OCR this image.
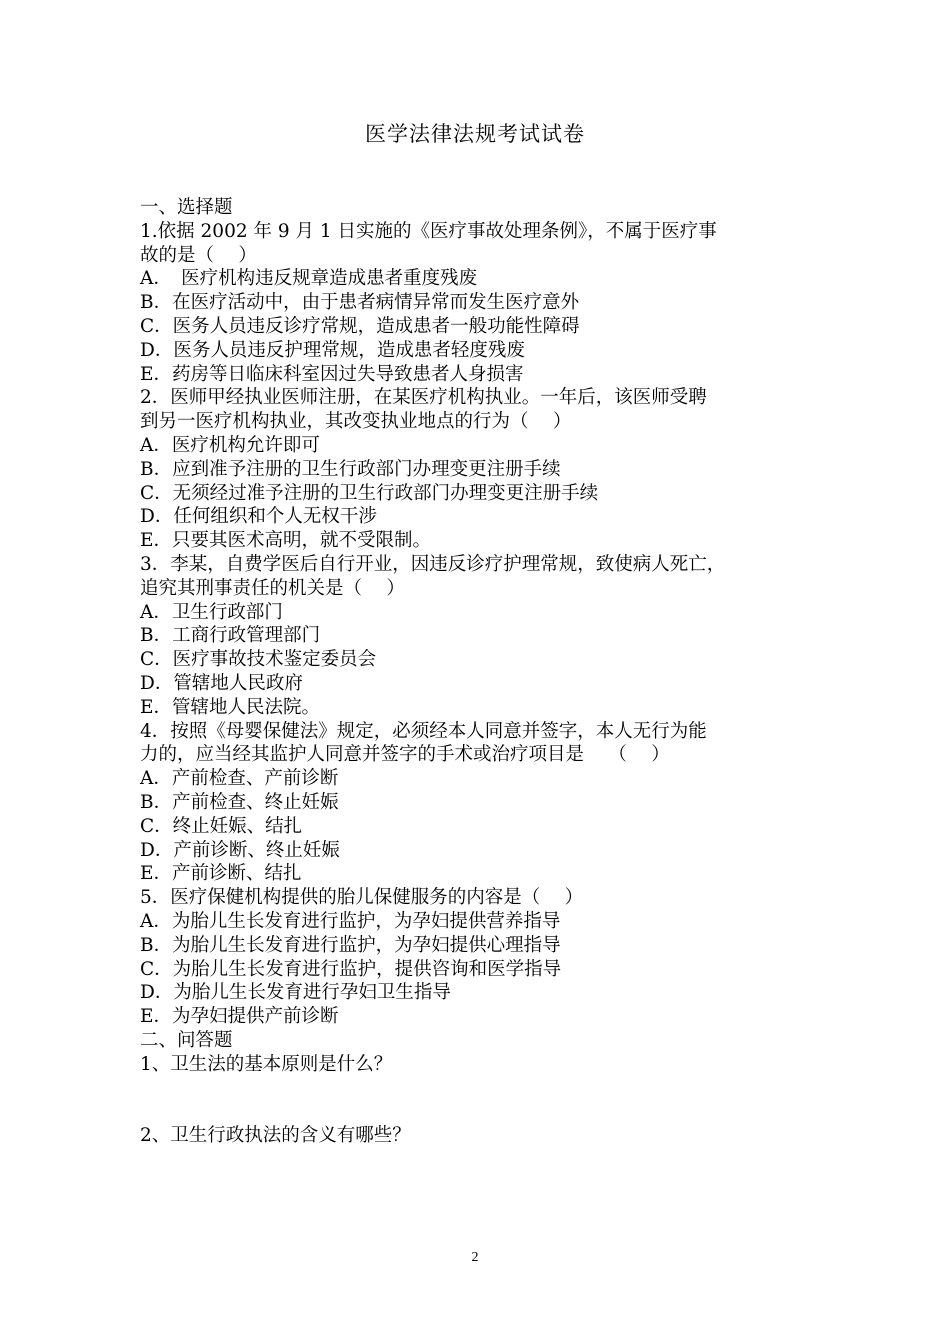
医学法律法规考试试卷
一、选择题
1.依据 2002 年 9 月 1 日实施的《医疗事故处理条例》，不属于医疗事
故的是（　 ）
A．　医疗机构违反规章造成患者重度残废
B．在医疗活动中，由于患者病情异常而发生医疗意外
C．医务人员违反诊疗常规，造成患者一般功能性障碍
D．医务人员违反护理常规，造成患者轻度残废
E．药房等日临床科室因过失导致患者人身损害
2．医师甲经执业医师注册，在某医疗机构执业。一年后，该医师受聘
到另一医疗机构执业，其改变执业地点的行为（　 ）
A．医疗机构允许即可
B．应到准予注册的卫生行政部门办理变更注册手续
C．无须经过准予注册的卫生行政部门办理变更注册手续
D．任何组织和个人无权干涉
E．只要其医术高明，就不受限制。
3．李某，自费学医后自行开业，因违反诊疗护理常规，致使病人死亡，
追究其刑事责任的机关是（　 ）
A．卫生行政部门
B．工商行政管理部门
C．医疗事故技术鉴定委员会
D．管辖地人民政府
E．管辖地人民法院。
4．按照《母婴保健法》规定，必须经本人同意并签字，本人无行为能
力的，应当经其监护人同意并签字的手术或治疗项目是　 （　 ）
A．产前检查、产前诊断
B．产前检查、终止妊娠
C．终止妊娠、结扎
D．产前诊断、终止妊娠
E．产前诊断、结扎
5．医疗保健机构提供的胎儿保健服务的内容是（　 ）
A．为胎儿生长发育进行监护，为孕妇提供营养指导
B．为胎儿生长发育进行监护，为孕妇提供心理指导
C．为胎儿生长发育进行监护，提供咨询和医学指导
D．为胎儿生长发育进行孕妇卫生指导
E．为孕妇提供产前诊断
二、问答题
1、卫生法的基本原则是什么？
2、卫生行政执法的含义有哪些？
2
